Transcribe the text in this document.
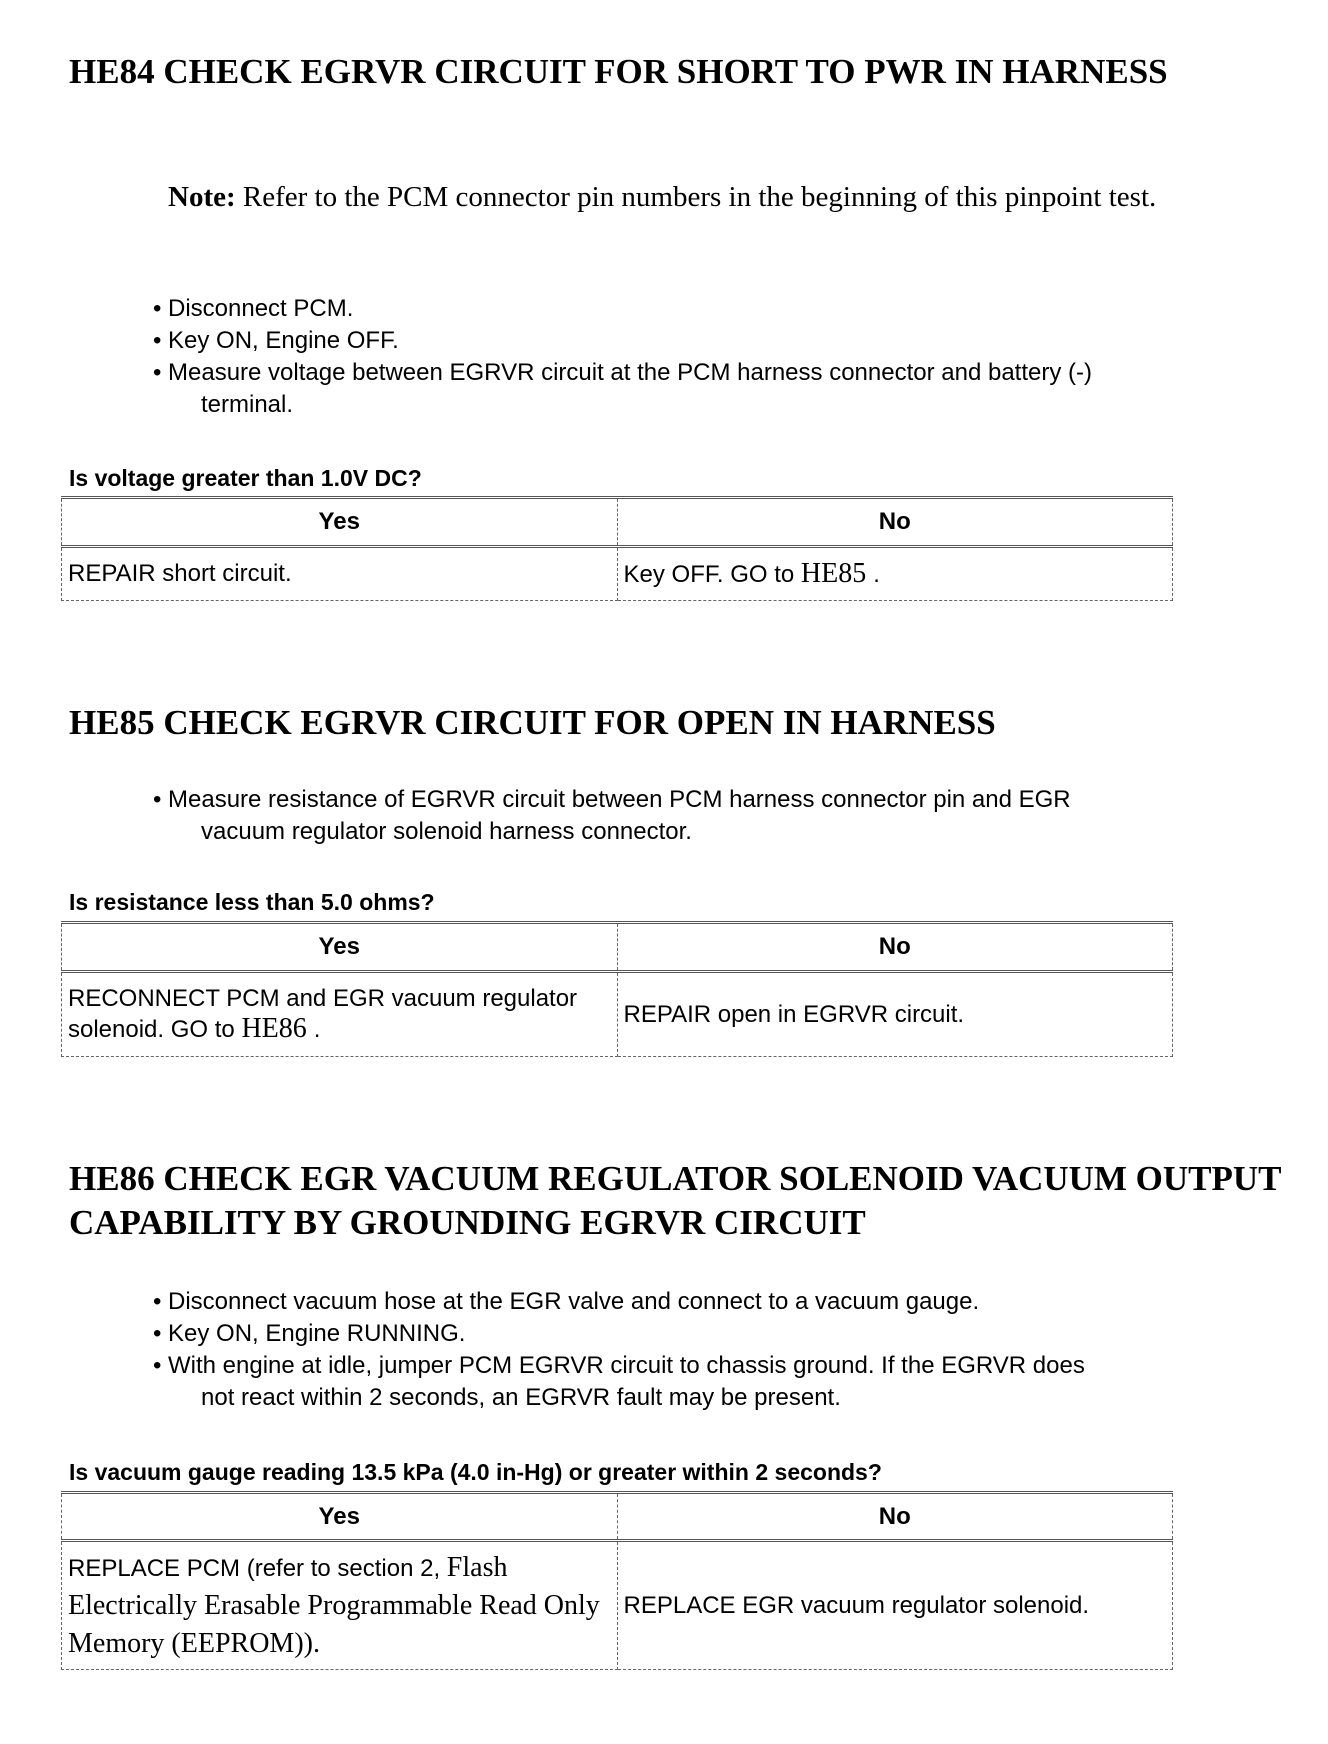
HE84 CHECK EGRVR CIRCUIT FOR SHORT TO PWR IN HARNESS
Note: Refer to the PCM connector pin numbers in the beginning of this pinpoint test.
• Disconnect PCM.
• Key ON, Engine OFF.
• Measure voltage between EGRVR circuit at the PCM harness connector and battery (-)
terminal.
Is voltage greater than 1.0V DC?
Yes	No
REPAIR short circuit.	Key OFF. GO to HE85 .
HE85 CHECK EGRVR CIRCUIT FOR OPEN IN HARNESS
• Measure resistance of EGRVR circuit between PCM harness connector pin and EGR
vacuum regulator solenoid harness connector.
Is resistance less than 5.0 ohms?
Yes	No
RECONNECT PCM and EGR vacuum regulator solenoid. GO to HE86 .	REPAIR open in EGRVR circuit.
HE86 CHECK EGR VACUUM REGULATOR SOLENOID VACUUM OUTPUT CAPABILITY BY GROUNDING EGRVR CIRCUIT
• Disconnect vacuum hose at the EGR valve and connect to a vacuum gauge.
• Key ON, Engine RUNNING.
• With engine at idle, jumper PCM EGRVR circuit to chassis ground. If the EGRVR does
not react within 2 seconds, an EGRVR fault may be present.
Is vacuum gauge reading 13.5 kPa (4.0 in-Hg) or greater within 2 seconds?
Yes	No
REPLACE PCM (refer to section 2, Flash Electrically Erasable Programmable Read Only Memory (EEPROM)).	REPLACE EGR vacuum regulator solenoid.
